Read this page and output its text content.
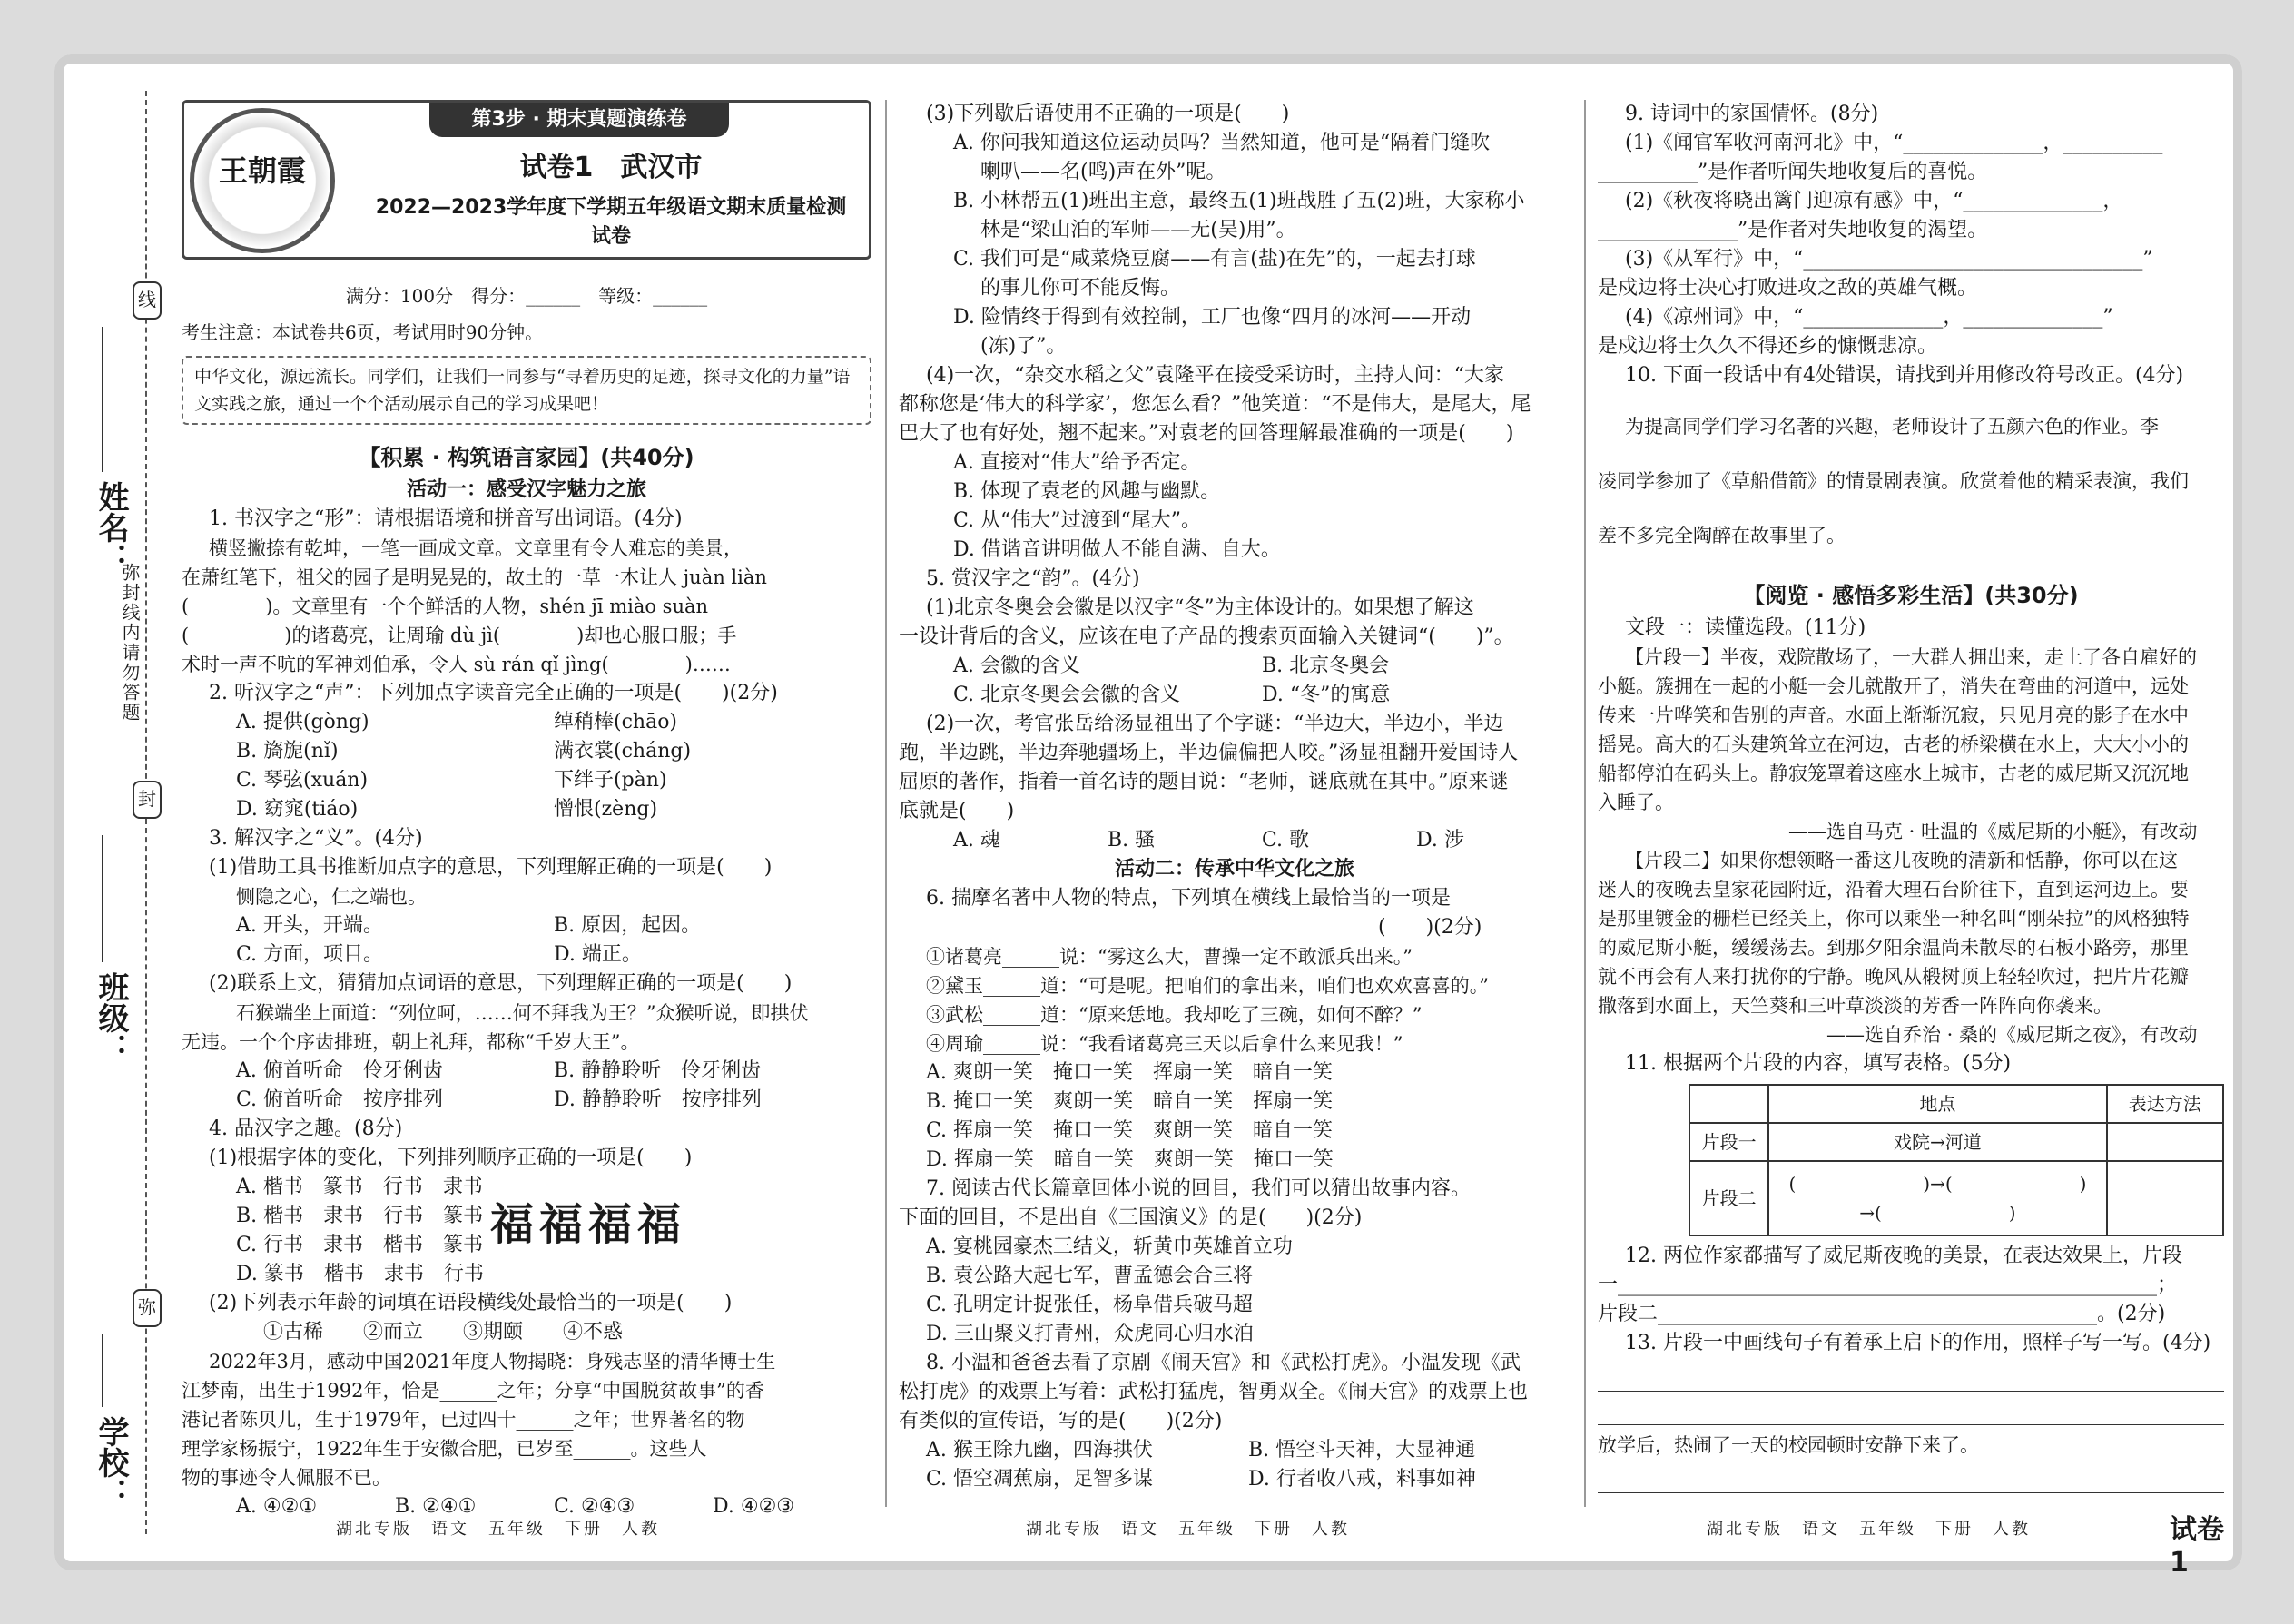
线
姓名：
弥封线内请勿答题
封
班级：
弥
学校：
王朝霞
第3步 · 期末真题演练卷
试卷1　武汉市
2022—2023学年度下学期五年级语文期末质量检测试卷
满分：100分　得分：______　等级：______
考生注意：本试卷共6页，考试用时90分钟。
中华文化，源远流长。同学们，让我们一同参与“寻着历史的足迹，探寻文化的力量”语文实践之旅，通过一个个活动展示自己的学习成果吧！

【积累 · 构筑语言家园】(共40分)

活动一：感受汉字魅力之旅

1. 书汉字之“形”：请根据语境和拼音写出词语。(4分)

横竖撇捺有乾坤，一笔一画成文章。文章里有令人难忘的美景，

在萧红笔下，祖父的园子是明晃晃的，故土的一草一木让人 juàn liàn

(　　　　)。文章里有一个个鲜活的人物，shén jī miào suàn

(　　　　　)的诸葛亮，让周瑜 dù jì(　　　　)却也心服口服；手

术时一声不吭的军神刘伯承，令人 sù rán qǐ jìng(　　　　)……

2. 听汉字之“声”：下列加点字读音完全正确的一项是(　　)(2分)

A. 提供(gòng)	绰稍棒(chāo)

B. 旖旎(nǐ)	满衣裳(cháng)

C. 琴弦(xuán)	下绊子(pàn)

D. 窈窕(tiáo)	憎恨(zèng)

3. 解汉字之“义”。(4分)

(1)借助工具书推断加点字的意思，下列理解正确的一项是(　　)

恻隐之心，仁之端也。

A. 开头，开端。	B. 原因，起因。

C. 方面，项目。	D. 端正。

(2)联系上文，猜猜加点词语的意思，下列理解正确的一项是(　　)

石猴端坐上面道：“列位呵，……何不拜我为王？”众猴听说，即拱伏

无违。一个个序齿排班，朝上礼拜，都称“千岁大王”。

A. 俯首听命　伶牙俐齿	B. 静静聆听　伶牙俐齿

C. 俯首听命　按序排列	D. 静静聆听　按序排列

4. 品汉字之趣。(8分)

(1)根据字体的变化，下列排列顺序正确的一项是(　　)

A. 楷书　篆书　行书　隶书

B. 楷书　隶书　行书　篆书

C. 行书　隶书　楷书　篆书

D. 篆书　楷书　隶书　行书

(2)下列表示年龄的词填在语段横线处最恰当的一项是(　　)

①古稀　　②而立　　③期颐　　④不惑

2022年3月，感动中国2021年度人物揭晓：身残志坚的清华博士生

江梦南，出生于1992年，恰是______之年；分享“中国脱贫故事”的香

港记者陈贝儿，生于1979年，已过四十______之年；世界著名的物

理学家杨振宁，1922年生于安徽合肥，已岁至______。这些人

物的事迹令人佩服不已。

A. ④②①	B. ②④①	C. ②④③	D. ④②③

福福福福

(3)下列歇后语使用不正确的一项是(　　)

A. 你问我知道这位运动员吗？当然知道，他可是“隔着门缝吹

喇叭——名(鸣)声在外”呢。

B. 小林帮五(1)班出主意，最终五(1)班战胜了五(2)班，大家称小

林是“梁山泊的军师——无(吴)用”。

C. 我们可是“咸菜烧豆腐——有言(盐)在先”的，一起去打球

的事儿你可不能反悔。

D. 险情终于得到有效控制，工厂也像“四月的冰河——开动

(冻)了”。

(4)一次，“杂交水稻之父”袁隆平在接受采访时，主持人问：“大家

都称您是‘伟大的科学家’，您怎么看？”他笑道：“不是伟大，是尾大，尾

巴大了也有好处，翘不起来。”对袁老的回答理解最准确的一项是(　　)

A. 直接对“伟大”给予否定。

B. 体现了袁老的风趣与幽默。

C. 从“伟大”过渡到“尾大”。

D. 借谐音讲明做人不能自满、自大。

5. 赏汉字之“韵”。(4分)

(1)北京冬奥会会徽是以汉字“冬”为主体设计的。如果想了解这

一设计背后的含义，应该在电子产品的搜索页面输入关键词“(　　)”。

A. 会徽的含义	B. 北京冬奥会

C. 北京冬奥会会徽的含义	D. “冬”的寓意

(2)一次，考官张岳给汤显祖出了个字谜：“半边大，半边小，半边

跑，半边跳，半边奔驰疆场上，半边偏偏把人咬。”汤显祖翻开爱国诗人

屈原的著作，指着一首名诗的题目说：“老师，谜底就在其中。”原来谜

底就是(　　)

A. 魂	B. 骚	C. 歌	D. 涉

活动二：传承中华文化之旅

6. 揣摩名著中人物的特点，下列填在横线上最恰当的一项是

　　　　　　　　　　　　　　　　　　　　　　　　(　　)(2分)

①诸葛亮______说：“雾这么大，曹操一定不敢派兵出来。”

②黛玉______道：“可是呢。把咱们的拿出来，咱们也欢欢喜喜的。”

③武松______道：“原来恁地。我却吃了三碗，如何不醉？”

④周瑜______说：“我看诸葛亮三天以后拿什么来见我！”

A. 爽朗一笑　掩口一笑　挥扇一笑　暗自一笑

B. 掩口一笑　爽朗一笑　暗自一笑　挥扇一笑

C. 挥扇一笑　掩口一笑　爽朗一笑　暗自一笑

D. 挥扇一笑　暗自一笑　爽朗一笑　掩口一笑

7. 阅读古代长篇章回体小说的回目，我们可以猜出故事内容。

下面的回目，不是出自《三国演义》的是(　　)(2分)

A. 宴桃园豪杰三结义，斩黄巾英雄首立功

B. 袁公路大起七军，曹孟德会合三将

C. 孔明定计捉张任，杨阜借兵破马超

D. 三山聚义打青州，众虎同心归水泊

8. 小温和爸爸去看了京剧《闹天宫》和《武松打虎》。小温发现《武

松打虎》的戏票上写着：武松打猛虎，智勇双全。《闹天宫》的戏票上也

有类似的宣传语，写的是(　　)(2分)

A. 猴王除九幽，四海拱伏	B. 悟空斗天神，大显神通

C. 悟空凋蕉扇，足智多谋	D. 行者收八戒，料事如神

9. 诗词中的家国情怀。(8分)

(1)《闻官军收河南河北》中，“______________，__________

__________”是作者听闻失地收复后的喜悦。

(2)《秋夜将晓出篱门迎凉有感》中，“______________，

______________”是作者对失地收复的渴望。

(3)《从军行》中，“__________________________________”

是戍边将士决心打败进攻之敌的英雄气概。

(4)《凉州词》中，“______________，______________”

是戍边将士久久不得还乡的慷慨悲凉。

10. 下面一段话中有4处错误，请找到并用修改符号改正。(4分)

为提高同学们学习名著的兴趣，老师设计了五颜六色的作业。李

凌同学参加了《草船借箭》的情景剧表演。欣赏着他的精采表演，我们

差不多完全陶醉在故事里了。

【阅览 · 感悟多彩生活】(共30分)

文段一：读懂选段。(11分)

【片段一】半夜，戏院散场了，一大群人拥出来，走上了各自雇好的

小艇。簇拥在一起的小艇一会儿就散开了，消失在弯曲的河道中，远处

传来一片哗笑和告别的声音。水面上渐渐沉寂，只见月亮的影子在水中

摇晃。高大的石头建筑耸立在河边，古老的桥梁横在水上，大大小小的

船都停泊在码头上。静寂笼罩着这座水上城市，古老的威尼斯又沉沉地

入睡了。

　　　　　　　　　　——选自马克 · 吐温的《威尼斯的小艇》，有改动

【片段二】如果你想领略一番这儿夜晚的清新和恬静，你可以在这

迷人的夜晚去皇家花园附近，沿着大理石台阶往下，直到运河边上。要

是那里镀金的栅栏已经关上，你可以乘坐一种名叫“刚朵拉”的风格独特

的威尼斯小艇，缓缓荡去。到那夕阳余温尚未散尽的石板小路旁，那里

就不再会有人来打扰你的宁静。晚风从椴树顶上轻轻吹过，把片片花瓣

撒落到水面上，天竺葵和三叶草淡淡的芳香一阵阵向你袭来。

　　　　　　　　　　　　——选自乔治 · 桑的《威尼斯之夜》，有改动

11. 根据两个片段的内容，填写表格。(5分)

	地点	表达方法
片段一	戏院→河道	
片段二	(　　　　　　　)→(　　　　　　　)
→(　　　　　　　)	

12. 两位作家都描写了威尼斯夜晚的美景，在表达效果上，片段

一______________________________________________________；

片段二____________________________________________。(2分)

13. 片段一中画线句子有着承上启下的作用，照样子写一写。(4分)

放学后，热闹了一天的校园顿时安静下来了。

湖北专版　语文　五年级　下册　人教	湖北专版　语文　五年级　下册　人教	湖北专版　语文　五年级　下册　人教	试卷 1
